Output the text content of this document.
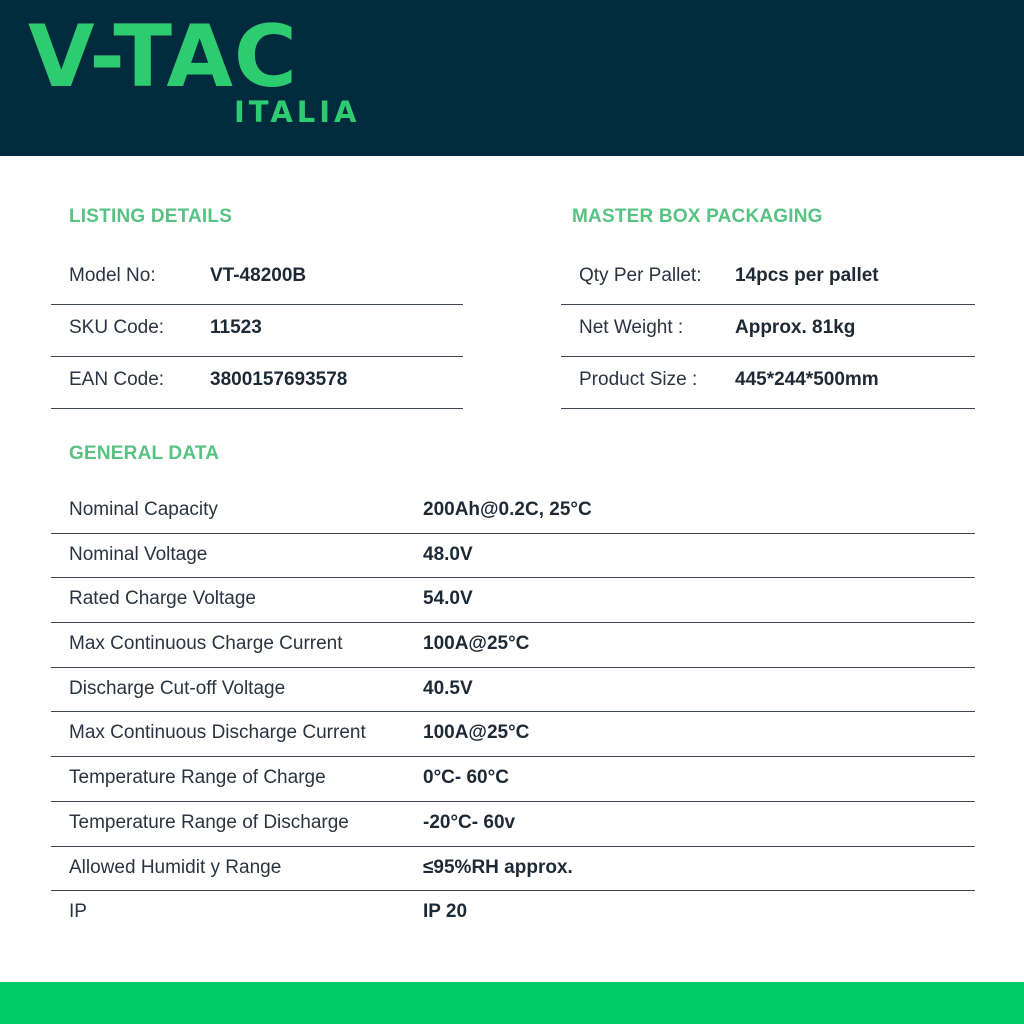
V-TAC
ITALIA
LISTING DETAILS
Model No:	VT-48200B
SKU Code: 11523
EAN Code: 3800157693578
MASTER BOX PACKAGING
Qty Per Pallet: 14pcs per pallet
Net Weight :	Approx. 81kg
Product Size : 445*244*500mm
GENERAL DATA
Nominal Capacity	200Ah@0.2C, 25°C
Nominal Voltage	48.0V
Rated Charge Voltage	54.0V
Max Continuous Charge Current	100A@25°C
Discharge Cut-off Voltage	40.5V
Max Continuous Discharge Current	100A@25°C
Temperature Range of Charge	0°C- 60°C
Temperature Range of Discharge	-20°C- 60v
Allowed Humidit y Range	≤95%RH approx.
IP	IP 20
